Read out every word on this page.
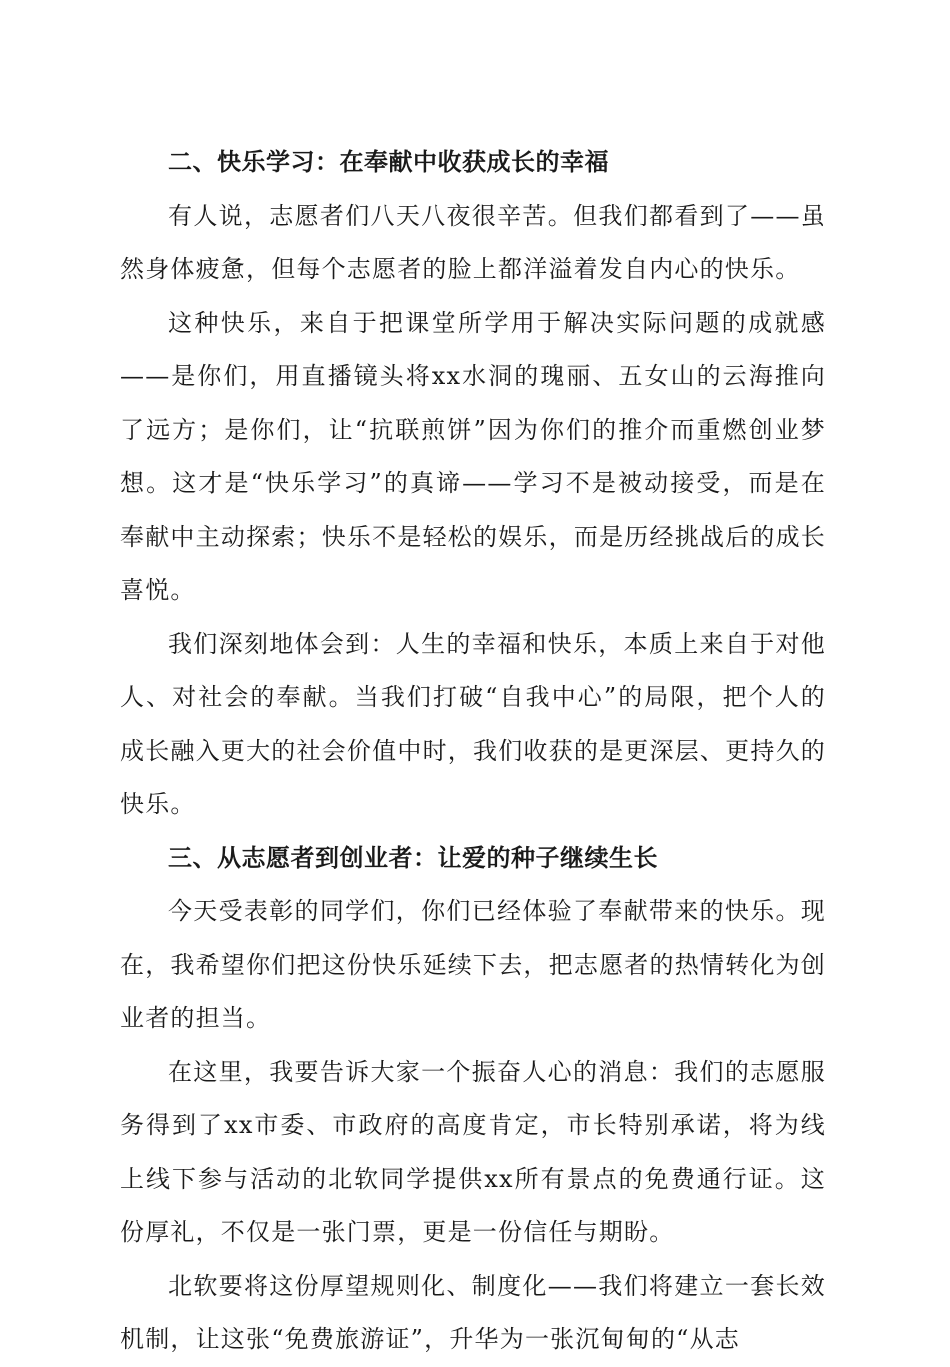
二、快乐学习：在奉献中收获成长的幸福

有人说，志愿者们八天八夜很辛苦。但我们都看到了——虽然身体疲惫，但每个志愿者的脸上都洋溢着发自内心的快乐。

这种快乐，来自于把课堂所学用于解决实际问题的成就感——是你们，用直播镜头将xx水洞的瑰丽、五女山的云海推向了远方；是你们，让“抗联煎饼”因为你们的推介而重燃创业梦想。这才是“快乐学习”的真谛——学习不是被动接受，而是在奉献中主动探索；快乐不是轻松的娱乐，而是历经挑战后的成长喜悦。

我们深刻地体会到：人生的幸福和快乐，本质上来自于对他人、对社会的奉献。当我们打破“自我中心”的局限，把个人的成长融入更大的社会价值中时，我们收获的是更深层、更持久的快乐。

三、从志愿者到创业者：让爱的种子继续生长

今天受表彰的同学们，你们已经体验了奉献带来的快乐。现在，我希望你们把这份快乐延续下去，把志愿者的热情转化为创业者的担当。

在这里，我要告诉大家一个振奋人心的消息：我们的志愿服务得到了xx市委、市政府的高度肯定，市长特别承诺，将为线上线下参与活动的北软同学提供xx所有景点的免费通行证。这份厚礼，不仅是一张门票，更是一份信任与期盼。

北软要将这份厚望规则化、制度化——我们将建立一套长效机制，让这张“免费旅游证”，升华为一张沉甸甸的“从志
